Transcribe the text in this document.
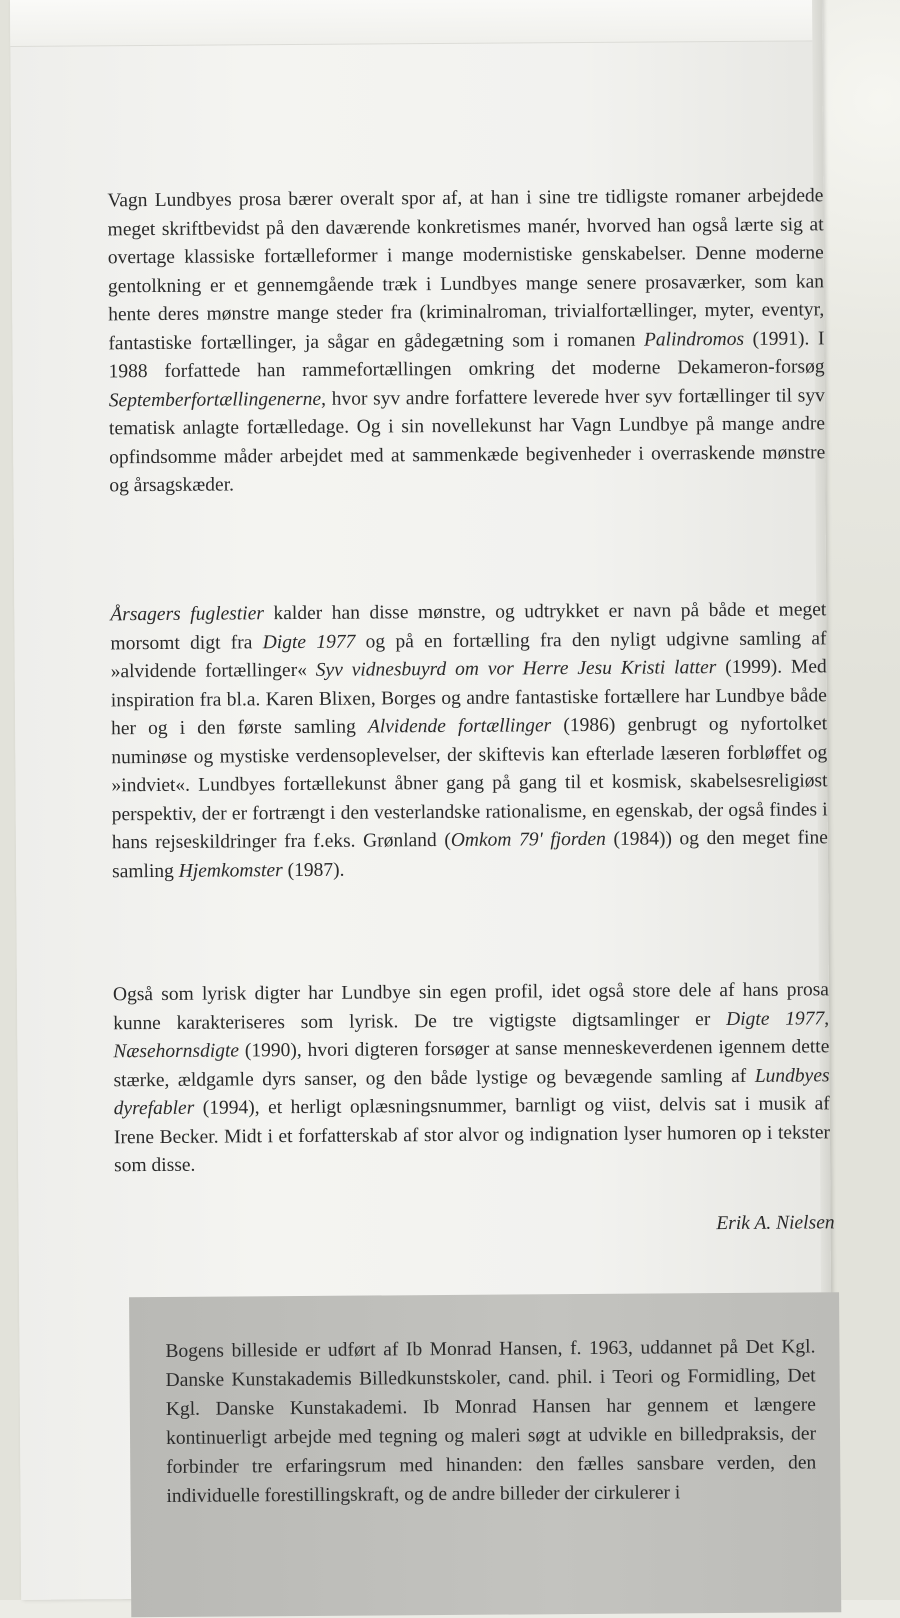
Vagn Lundbyes prosa bærer overalt spor af, at han i sine tre tidligste romaner arbejdede meget skriftbevidst på den daværende konkretismes manér, hvorved han også lærte sig at overtage klassiske fortælleformer i mange modernistiske genskabelser. Denne moderne gentolkning er et gennemgående træk i Lundbyes mange senere prosaværker, som kan hente deres mønstre mange steder fra (kriminalroman, trivialfortællinger, myter, eventyr, fantastiske fortællinger, ja sågar en gådegætning som i romanen Palindromos (1991). I 1988 forfattede han rammefortællingen omkring det moderne Dekameron-forsøg Septemberfortællingenerne, hvor syv andre forfattere leverede hver syv fortællinger til syv tematisk anlagte fortælledage. Og i sin novellekunst har Vagn Lundbye på mange andre opfindsomme måder arbejdet med at sammenkæde begivenheder i overraskende mønstre og årsagskæder.

Årsagers fuglestier kalder han disse mønstre, og udtrykket er navn på både et meget morsomt digt fra Digte 1977 og på en fortælling fra den nyligt udgivne samling af »alvidende fortællinger« Syv vidnesbuyrd om vor Herre Jesu Kristi latter (1999). Med inspiration fra bl.a. Karen Blixen, Borges og andre fantastiske fortællere har Lundbye både her og i den første samling Alvidende fortællinger (1986) genbrugt og nyfortolket numinøse og mystiske verdensoplevelser, der skiftevis kan efterlade læseren forbløffet og »indviet«. Lundbyes fortællekunst åbner gang på gang til et kosmisk, skabelsesreligiøst perspektiv, der er fortrængt i den vesterlandske rationalisme, en egenskab, der også findes i hans rejseskildringer fra f.eks. Grønland (Omkom 79' fjorden (1984)) og den meget fine samling Hjemkomster (1987).

Også som lyrisk digter har Lundbye sin egen profil, idet også store dele af hans prosa kunne karakteriseres som lyrisk. De tre vigtigste digtsamlinger er Digte 1977, Næsehornsdigte (1990), hvori digteren forsøger at sanse menneskeverdenen igennem dette stærke, ældgamle dyrs sanser, og den både lystige og bevægende samling af Lundbyes dyrefabler (1994), et herligt oplæsningsnummer, barnligt og viist, delvis sat i musik af Irene Becker. Midt i et forfatterskab af stor alvor og indignation lyser humoren op i tekster som disse.

Erik A. Nielsen
Bogens billeside er udført af Ib Monrad Hansen, f. 1963, uddannet på Det Kgl. Danske Kunstakademis Billedkunstskoler, cand. phil. i Teori og Formidling, Det Kgl. Danske Kunstakademi. Ib Monrad Hansen har gennem et længere kontinuerligt arbejde med tegning og maleri søgt at udvikle en billedpraksis, der forbinder tre erfaringsrum med hinanden: den fælles sansbare verden, den individuelle forestillingskraft, og de andre billeder der cirkulerer i
